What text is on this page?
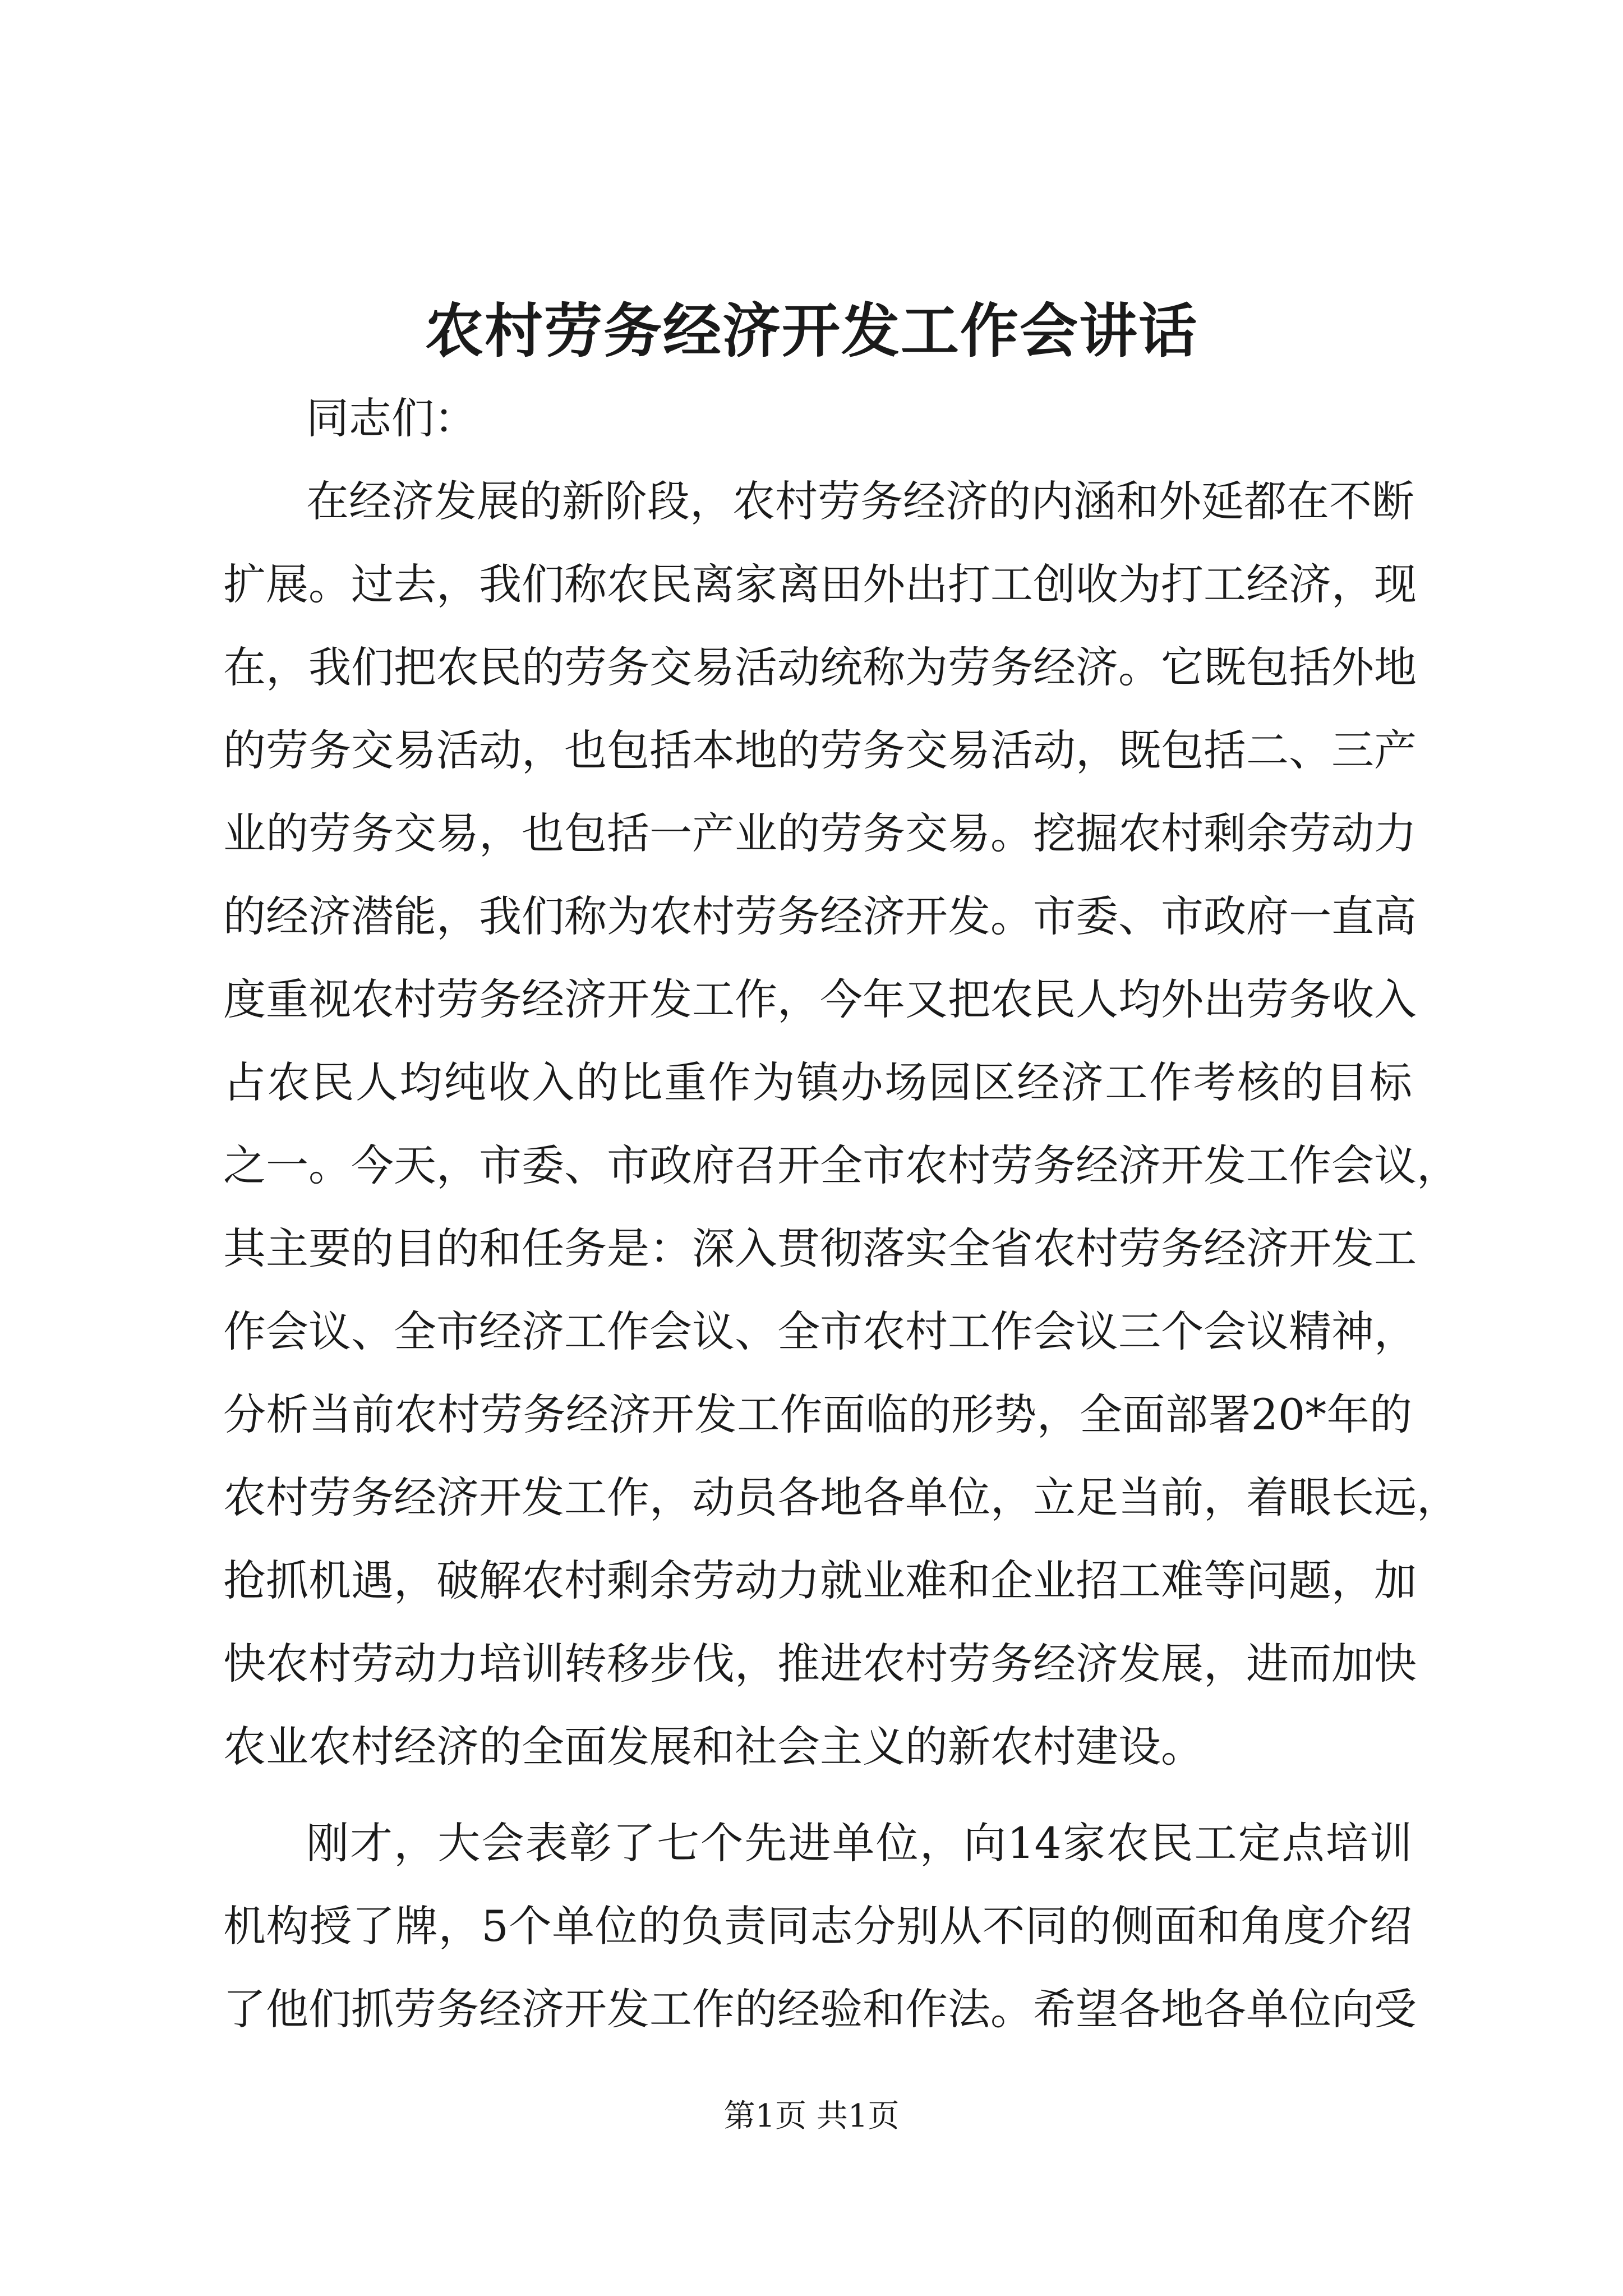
农村劳务经济开发工作会讲话
同志们：
在经济发展的新阶段，农村劳务经济的内涵和外延都在不断
扩展。过去，我们称农民离家离田外出打工创收为打工经济，现
在，我们把农民的劳务交易活动统称为劳务经济。它既包括外地
的劳务交易活动，也包括本地的劳务交易活动，既包括二、三产
业的劳务交易，也包括一产业的劳务交易。挖掘农村剩余劳动力
的经济潜能，我们称为农村劳务经济开发。市委、市政府一直高
度重视农村劳务经济开发工作，今年又把农民人均外出劳务收入
占农民人均纯收入的比重作为镇办场园区经济工作考核的目标
之一。今天，市委、市政府召开全市农村劳务经济开发工作会议，
其主要的目的和任务是：深入贯彻落实全省农村劳务经济开发工
作会议、全市经济工作会议、全市农村工作会议三个会议精神，
分析当前农村劳务经济开发工作面临的形势，全面部署20*年的
农村劳务经济开发工作，动员各地各单位，立足当前，着眼长远，
抢抓机遇，破解农村剩余劳动力就业难和企业招工难等问题，加
快农村劳动力培训转移步伐，推进农村劳务经济发展，进而加快
农业农村经济的全面发展和社会主义的新农村建设。
刚才，大会表彰了七个先进单位，向14家农民工定点培训
机构授了牌，5个单位的负责同志分别从不同的侧面和角度介绍
了他们抓劳务经济开发工作的经验和作法。希望各地各单位向受
第1页 共1页
